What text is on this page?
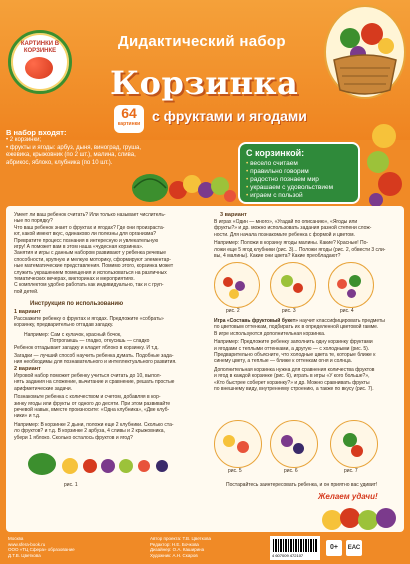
КАРТИНКИ В КОРЗИНКЕ
Дидактический набор
Корзинка
64
картинки с фруктами и ягодами
В набор входят:
• 2 корзинки;
• фрукты и ягоды: арбуз, дыня, виноград, груша,
ежевика, крыжовник (по 2 шт.), малина, слива,
абрикос, яблоко, клубника (по 10 шт.).
С корзинкой:
• весело считаем
• правильно говорим
• радостно познаем мир
• украшаем с удовольствием
• играем с пользой
Умеет ли ваш ребенок считать? Или только называет числитель-
ные по порядку?
Что ваш ребенок знает о фруктах и ягодах? Где они произраста-
ют, какой имеют вкус, одинаково ли полезны для организма?
Превратите процесс познания в интересную и увлекательную
игру! А поможет вам в этом наша «чудесная корзинка».
Занятия и игры с данным набором развивают у ребенка речевые
способности, крупную и мелкую моторику, сформируют элементар-
ные математические представления. Помимо этого, корзинка может
служить украшением помещения и использоваться на различных
тематических вечерах, викторинах и мероприятиях.
С комплектом удобно работать как индивидуально, так и с груп-
пой детей.
Инструкция по использованию
1 вариант
Расскажите ребенку о фруктах и ягодах. Предложите «собрать»
корзинку, предварительно отгадав загадку.
Например: Сам с кулачок, красный бочок,
Потрогаешь — гладко, откусишь — сладко
Ребенок отгадывает загадку и кладет яблоко в корзинку. И т.д.
Загадки — лучший способ научить ребенка думать. Подобные зада-
ния необходимы для познавательного и интеллектуального развития.
2 вариант
Игровой набор поможет ребенку учиться считать до 10, выпол-
нять задания на сложение, вычитание и сравнение, решать простые
арифметические задачи.
Познакомьте ребенка с количеством и счетом, добавляя в кор-
зинку ягоды или фрукты от одного до десяти. При этом развивайте
речевой навык, вместе произносите: «Одна клубника», «Две клуб-
ники» и т.д.
Например: В корзинке 2 дыни, положи еще 2 клубники. Сколько ста-
ло фруктов? и т.д. В корзинке 2 арбуза, 4 сливы и 2 крыжовника,
убери 1 яблоко. Сколько осталось фруктов и ягод?
рис. 1
3 вариант
В играх «Один — много», «Угадай по описанию», «Ягоды или
фрукты?» и др. можно использовать задания разной степени слож-
ности. Для начала познакомьте ребенка с формой и цветом.
Например: Положи в корзину ягоды малины. Какие? Красные! По-
ложи еще 5 ягод клубники (рис. 3)... Положи ягоды (рис. 2, обвести 3 сли-
вы, 4 малины). Какие они цвета? Какие преобладают?
рис. 2	рис. 3	рис. 4
Игра «Составь фруктовый букет» научит классифицировать предметы
по цветовым оттенкам, подбирать их в определенной цветовой гамме.
В игре используются дополнительная корзинка.
Например: Предложите ребенку заполнить одну корзинку фруктами
и ягодами с теплыми оттенками, а другую — с холодными (рис. 5).
Предварительно объясните, что холодные цвета те, которые ближе к
синему цвету, а теплые — ближе к оттенкам огня и солнца.
Дополнительная корзинка нужна для сравнения количества фруктов
и ягод в каждой корзинке (рис. 6), играть в игры «У кого больше?»,
«Кто быстрее соберет корзинку?» и др. Можно сравнивать фрукты
по внешнему виду, внутреннему строению, а также по вкусу (рис. 7).
рис. 5	рис. 6	рис. 7
Постарайтесь заинтересовать ребенка, и он приятно вас удивит!
Желаем удачи!
Москва
www.sfera-book.ru
ООО «ТЦ Сфера» образование
Д.Т.В. Цветкова
Автор проекта: Т.В. Цветкова
Редактор: Н.Е. Бочкова
Дизайнер: О.А. Каширина
Художник: А.Н. Скаров	4 607009 472107
0+	ЕАС
